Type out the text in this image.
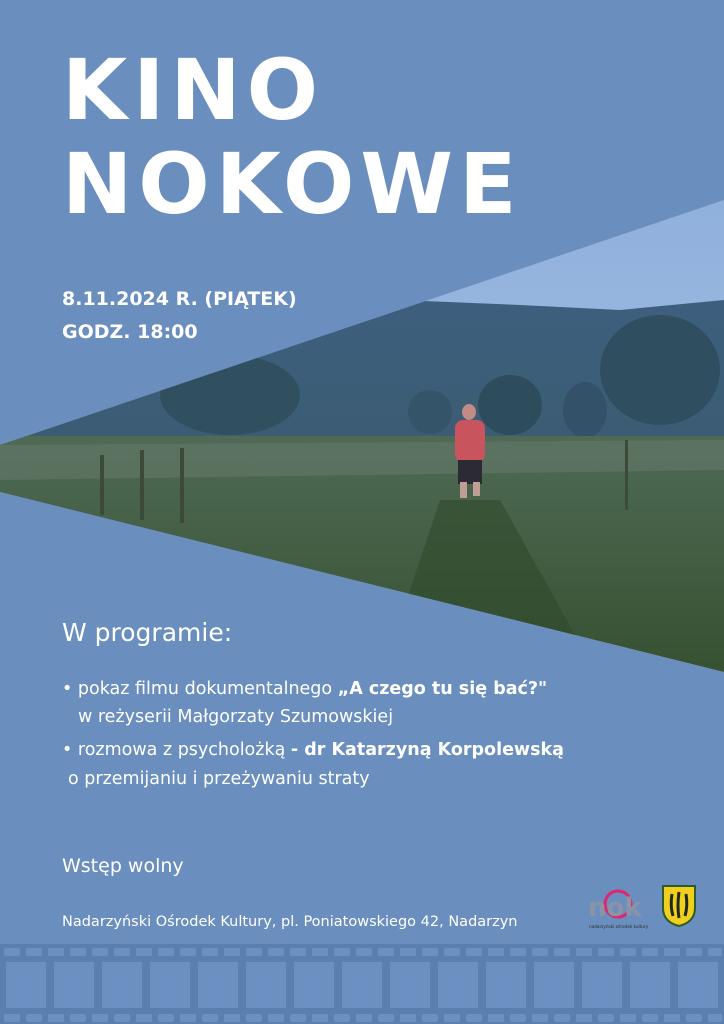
KINO
NOKOWE
8.11.2024 R. (PIĄTEK)
GODZ. 18:00
W programie:
• pokaz filmu dokumentalnego „A czego tu się bać?"
w reżyserii Małgorzaty Szumowskiej
• rozmowa z psycholożką - dr Katarzyną Korpolewską
o przemijaniu i przeżywaniu straty
Wstęp wolny
Nadarzyński Ośrodek Kultury, pl. Poniatowskiego 42, Nadarzyn	nok
nadarzyński ośrodek kultury
